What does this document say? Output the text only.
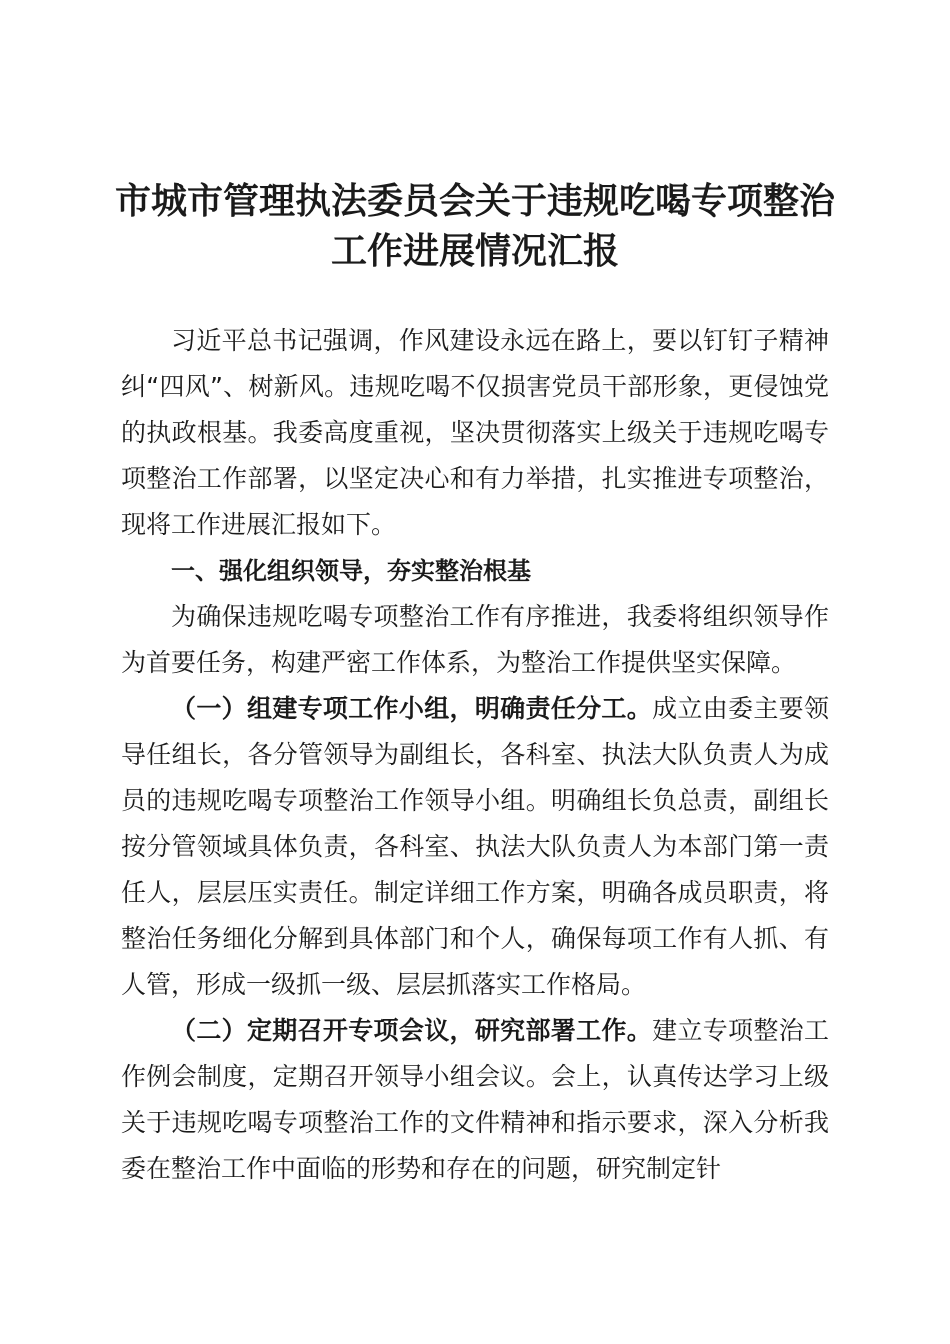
市城市管理执法委员会关于违规吃喝专项整治
工作进展情况汇报

习近平总书记强调，作风建设永远在路上，要以钉钉子精神纠“四风”、树新风。违规吃喝不仅损害党员干部形象，更侵蚀党的执政根基。我委高度重视，坚决贯彻落实上级关于违规吃喝专项整治工作部署，以坚定决心和有力举措，扎实推进专项整治，现将工作进展汇报如下。

一、强化组织领导，夯实整治根基

为确保违规吃喝专项整治工作有序推进，我委将组织领导作为首要任务，构建严密工作体系，为整治工作提供坚实保障。

（一）组建专项工作小组，明确责任分工。成立由委主要领导任组长，各分管领导为副组长，各科室、执法大队负责人为成员的违规吃喝专项整治工作领导小组。明确组长负总责，副组长按分管领域具体负责，各科室、执法大队负责人为本部门第一责任人，层层压实责任。制定详细工作方案，明确各成员职责，将整治任务细化分解到具体部门和个人，确保每项工作有人抓、有人管，形成一级抓一级、层层抓落实工作格局。

（二）定期召开专项会议，研究部署工作。建立专项整治工作例会制度，定期召开领导小组会议。会上，认真传达学习上级关于违规吃喝专项整治工作的文件精神和指示要求，深入分析我委在整治工作中面临的形势和存在的问题，研究制定针
